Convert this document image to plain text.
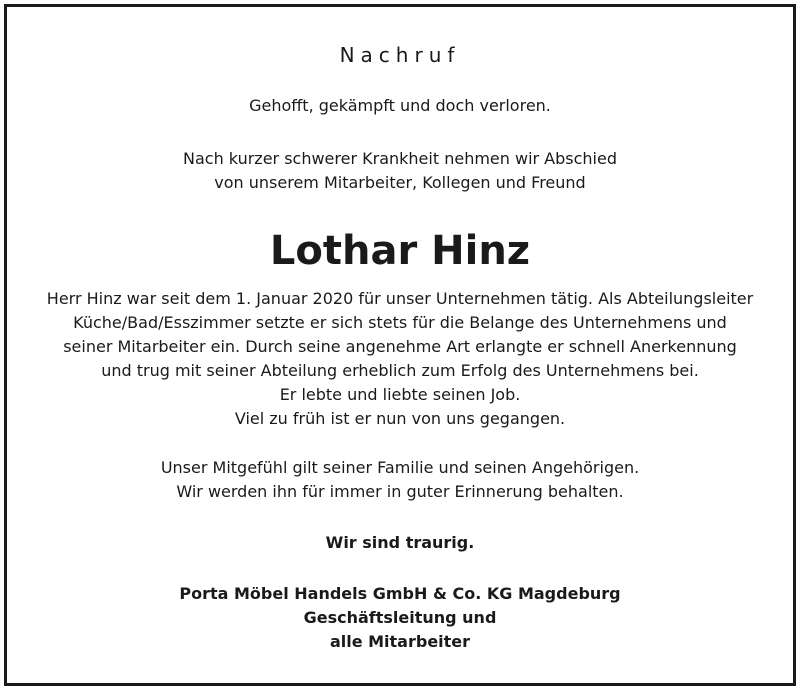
Nachruf
Gehofft, gekämpft und doch verloren.
Nach kurzer schwerer Krankheit nehmen wir Abschied
von unserem Mitarbeiter, Kollegen und Freund
Lothar Hinz
Herr Hinz war seit dem 1. Januar 2020 für unser Unternehmen tätig. Als Abteilungsleiter
Küche/Bad/Esszimmer setzte er sich stets für die Belange des Unternehmens und
seiner Mitarbeiter ein. Durch seine angenehme Art erlangte er schnell Anerkennung
und trug mit seiner Abteilung erheblich zum Erfolg des Unternehmens bei.
Er lebte und liebte seinen Job.
Viel zu früh ist er nun von uns gegangen.
Unser Mitgefühl gilt seiner Familie und seinen Angehörigen.
Wir werden ihn für immer in guter Erinnerung behalten.
Wir sind traurig.
Porta Möbel Handels GmbH & Co. KG Magdeburg
Geschäftsleitung und
alle Mitarbeiter
